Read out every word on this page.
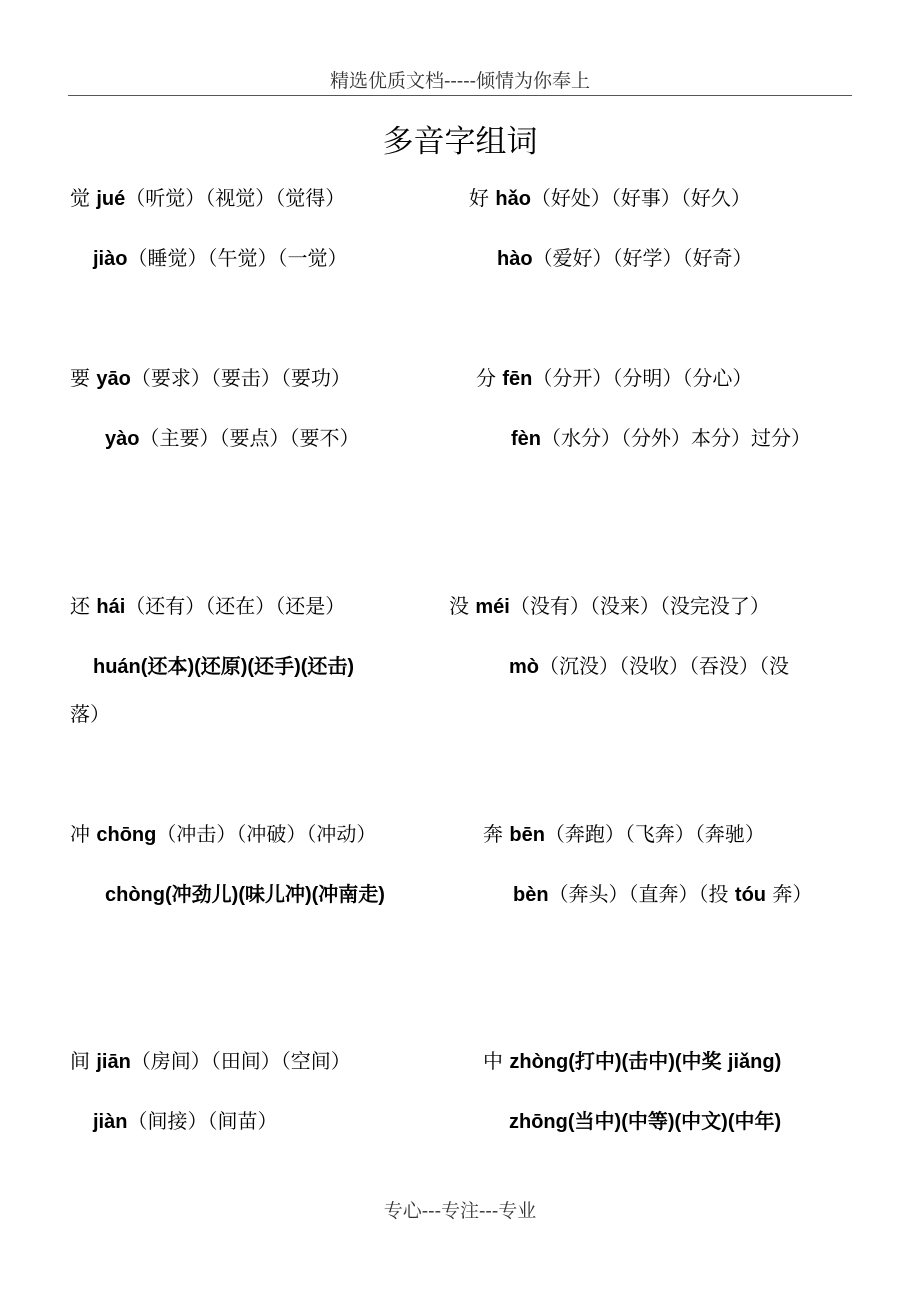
精选优质文档-----倾情为你奉上
多音字组词
觉 jué（听觉）（视觉）（觉得）
jiào（睡觉）（午觉）（一觉）
好 hǎo（好处）（好事）（好久）
hào（爱好）（好学）（好奇）
要 yāo（要求）（要击）（要功）
yào（主要）（要点）（要不）
分 fēn（分开）（分明）（分心）
fèn（水分）（分外）本分）过分）
还 hái（还有）（还在）（还是）
huán(还本)(还原)(还手)(还击)
没 méi（没有）（没来）（没完没了）
mò（沉没）（没收）（吞没）（没
落）
冲 chōng（冲击）（冲破）（冲动）
chòng(冲劲儿)(味儿冲)(冲南走)
奔 bēn（奔跑）（飞奔）（奔驰）
bèn（奔头）（直奔）（投 tóu 奔）
间 jiān（房间）（田间）（空间）
jiàn（间接）（间苗）
中 zhòng(打中)(击中)(中奖 jiǎng)
zhōng(当中)(中等)(中文)(中年)
专心---专注---专业
